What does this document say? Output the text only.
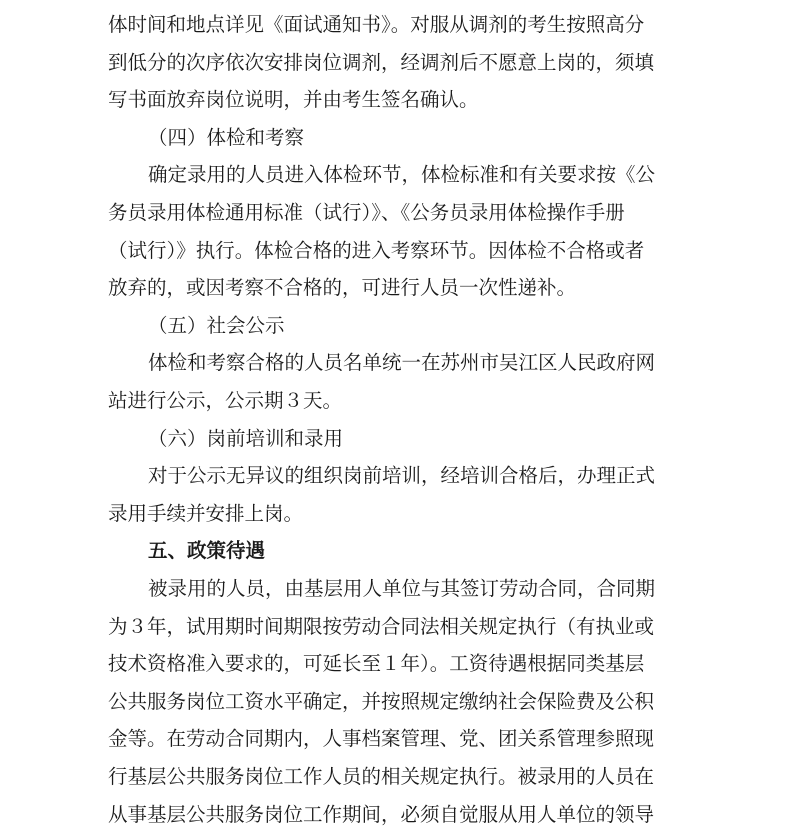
体时间和地点详见《面试通知书》。对服从调剂的考生按照高分

到低分的次序依次安排岗位调剂，经调剂后不愿意上岗的，须填

写书面放弃岗位说明，并由考生签名确认。

（四）体检和考察

确定录用的人员进入体检环节，体检标准和有关要求按《公

务员录用体检通用标准（试行）》、《公务员录用体检操作手册

（试行）》执行。体检合格的进入考察环节。因体检不合格或者

放弃的，或因考察不合格的，可进行人员一次性递补。

（五）社会公示

体检和考察合格的人员名单统一在苏州市吴江区人民政府网

站进行公示，公示期３天。

（六）岗前培训和录用

对于公示无异议的组织岗前培训，经培训合格后，办理正式

录用手续并安排上岗。

五、政策待遇

被录用的人员，由基层用人单位与其签订劳动合同，合同期

为３年，试用期时间期限按劳动合同法相关规定执行（有执业或

技术资格准入要求的，可延长至１年）。工资待遇根据同类基层

公共服务岗位工资水平确定，并按照规定缴纳社会保险费及公积

金等。在劳动合同期内，人事档案管理、党、团关系管理参照现

行基层公共服务岗位工作人员的相关规定执行。被录用的人员在

从事基层公共服务岗位工作期间，必须自觉服从用人单位的领导
